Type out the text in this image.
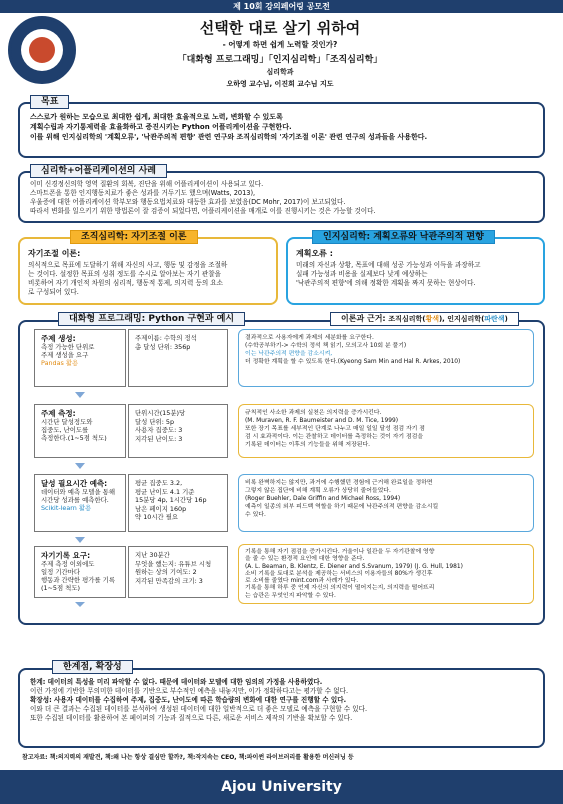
제 10회 강의페어링 공모전
선택한 대로 살기 위하여
- 어떻게 하면 쉽게 노력할 것인가?
「대화형 프로그래밍」「인지심리학」「조직심리학」
심리학과
오하영 교수님, 이진희 교수님 지도
목표
스스로가 원하는 모습으로 최대한 쉽게, 최대한 효율적으로 노력, 변화할 수 있도록
계획수립과 자기통제력을 효율화하고 증진시키는 Python 어플리케이션을 구현한다.
이를 위해 인지심리학의 '계획오류', '낙관주의적 편향' 관련 연구와 조직심리학의 '자기조절 이론' 관련 연구의 성과들을 사용한다.
심리학+어플리케이션의 사례
이미 신경정신의학 영역 질환의 회복, 진단을 위해 어플리케이션이 사용되고 있다.
스마트폰을 통한 인지행동치료가 좋은 성과를 거두기도 했으며(Watts, 2013),
우울증에 대한 어플리케이션 학부모와 행동요법치료와 대등한 효과를 보였음(DC Mohr, 2017)이 보고되었다.
따라서 변화를 일으키기 위한 방법론이 잘 검증이 되었다면, 어플리케이션을 매개로 이를 진행시키는 것은 가능할 것이다.
조직심리학: 자기조절 이론
자기조절 이론:
의식적으로 목표에 도달하기 위해 자신의 사고, 행동 및 감정을 조절하
는 것이다. 설정한 목표의 성취 정도를 수시로 알아보는 자기 관찰을
비롯하여 자기 개인적 차원의 심리적, 행동적 통제, 의지력 등의 요소
로 구성되어 있다.
인지심리학: 계획오류와 낙관주의적 편향
계획오류 :
미래의 자신과 상황, 목표에 대해 성공 가능성과 이득을 과장하고
실패 가능성과 비용을 실제보다 낮게 예상하는
'낙관주의적 편향'에 의해 정확한 계획을 짜지 못하는 현상이다.
대화형 프로그래밍: Python 구현과 예시	이론과 근거: 조직심리학(황색), 인지심리학(파란색)
주제 생성:
측정 가능한 단위로
주제 생성을 요구
Pandas 활용
주제이름: 수학의 정석
총 달성 단위: 356p
결과적으로 사용자에게 과제의 세분화를 요구한다.
(수학공부하기-> 수학의 정석 책 읽기, 모의고사 10회 분 풀기)
이는 낙관주의적 편향을 감소시켜,
더 정확한 계획을 할 수 있도록 한다.(Kyeong Sam Min and Hal R. Arkes, 2010)
주제 측정:
시간단 달성정도와
집중도, 난이도를
측정한다.(1~5점 척도)
단위시간(15분)당
달성 단위: 5p
사용자 집중도: 3
지각된 난이도: 3
규칙적인 사소한 과제의 실천은 의지력을 증가시킨다.
(M. Muraven, R. F. Baumeister and D. M. Tice, 1999)
또한 장기 목표를 세부적인 단계로 나누고 매일 일일 달성 점검 자기 점
검 시 효과적이다. 이는 관찰하고 데이터를 측정하는 것이 자기 점검을
기록된 데이터는 이후의 기능들을 위해 저장된다.
달성 필요시간 예측:
데이터와 예측 모델을 통해
시간당 성과를 예측한다.
Scikit-learn 활용
평균 집중도 3.2,
평균 난이도 4.1 기준
15분당 4p, 1시간당 16p
남은 페이지 160p
약 10시간 필요
비록 완벽하지는 않지만, 과거에 수행했던 경험에 근거해 완료일을 정하면
그렇지 않은 집단에 비해 계획 오류가 상당히 줄어들었다.
(Roger Buehler, Dale Griffin and Michael Ross, 1994)
예측이 일종의 외부 피드백 역할을 하기 때문에 낙관주의적 편향을 감소시킬
수 있다.
자기기록 요구:
주제 측정 이외에도
일정 기간마다
행동과 간략한 평가를 기록
(1~5점 척도)
지난 30분간
무엇을 했는지: 유튜브 시청
원하는 상의 기여도: 2
지각된 만족감의 크기: 3
기록을 통해 자기 점검을 증가시킨다. 거울이나 일관을 두 자기관찰에 영향
을 줄 수 있는 환경적 요인에 대한 영향을 준다.
(A. L. Beaman, B. Klentz, E. Diener and S.Svanum, 1979) (J. G. Hull, 1981)
소비 기록을 토대로 분석을 제공하는 서비스의 이용자들의 80%가 생긴후
로 소비를 줄였다 mint.com과 사례가 있다.
기록을 통해 하루 중 언제 자신의 의지력이 떨어지는지, 의지력을 떨어뜨리
는 습관은 무엇인지 파악할 수 있다.
한계점, 확장성
한계: 데이터의 특성을 미리 파악할 수 없다. 때문에 데이터와 모델에 대한 임의의 가정을 사용하였다.
이런 가정에 기반한 무의미한 데이터를 기반으로 부수적인 예측을 내놓지만, 이가 정확하다고는 평가할 수 없다.
확장성: 사용자 데이터를 수집하여 주제, 집중도, 난이도에 따른 학습량의 변화에 대한 연구를 진행할 수 있다.
이와 더 큰 결과는 수집된 데이터를 분석하여 생성된 데이터에 대한 일반적으로 더 좋은 모델로 예측을 구현할 수 있다.
또한 수집된 데이터를 활용하여 본 페이퍼의 기능과 질적으로 다른, 새로운 서비스 제작의 기반을 확보할 수 있다.
참고자료: 책:의지력의 재발견, 책:왜 나는 항상 결심만 할까?, 책:작지속는 CEO, 책:파이썬 라이브러리를 활용한 머신러닝 등
Ajou University
